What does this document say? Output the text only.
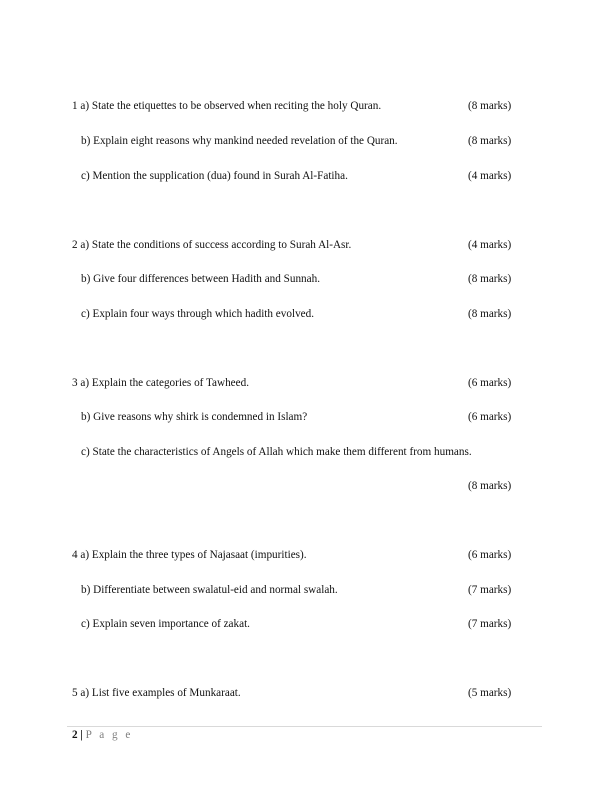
1 a) State the etiquettes to be observed when reciting the holy Quran.	(8 marks)
b) Explain eight reasons why mankind needed revelation of the Quran.	(8 marks)
c) Mention the supplication (dua) found in Surah Al-Fatiha.	(4 marks)
2 a) State the conditions of success according to Surah Al-Asr.	(4 marks)
b) Give four differences between Hadith and Sunnah.	(8 marks)
c) Explain four ways through which hadith evolved.	(8 marks)
3 a) Explain the categories of Tawheed.	(6 marks)
b) Give reasons why shirk is condemned in Islam?	(6 marks)
c) State the characteristics of Angels of Allah which make them different from humans.
(8 marks)
4 a) Explain the three types of Najasaat (impurities).	(6 marks)
b) Differentiate between swalatul-eid and normal swalah.	(7 marks)
c) Explain seven importance of zakat.	(7 marks)
5 a) List five examples of Munkaraat.	(5 marks)
2 | P a g e
